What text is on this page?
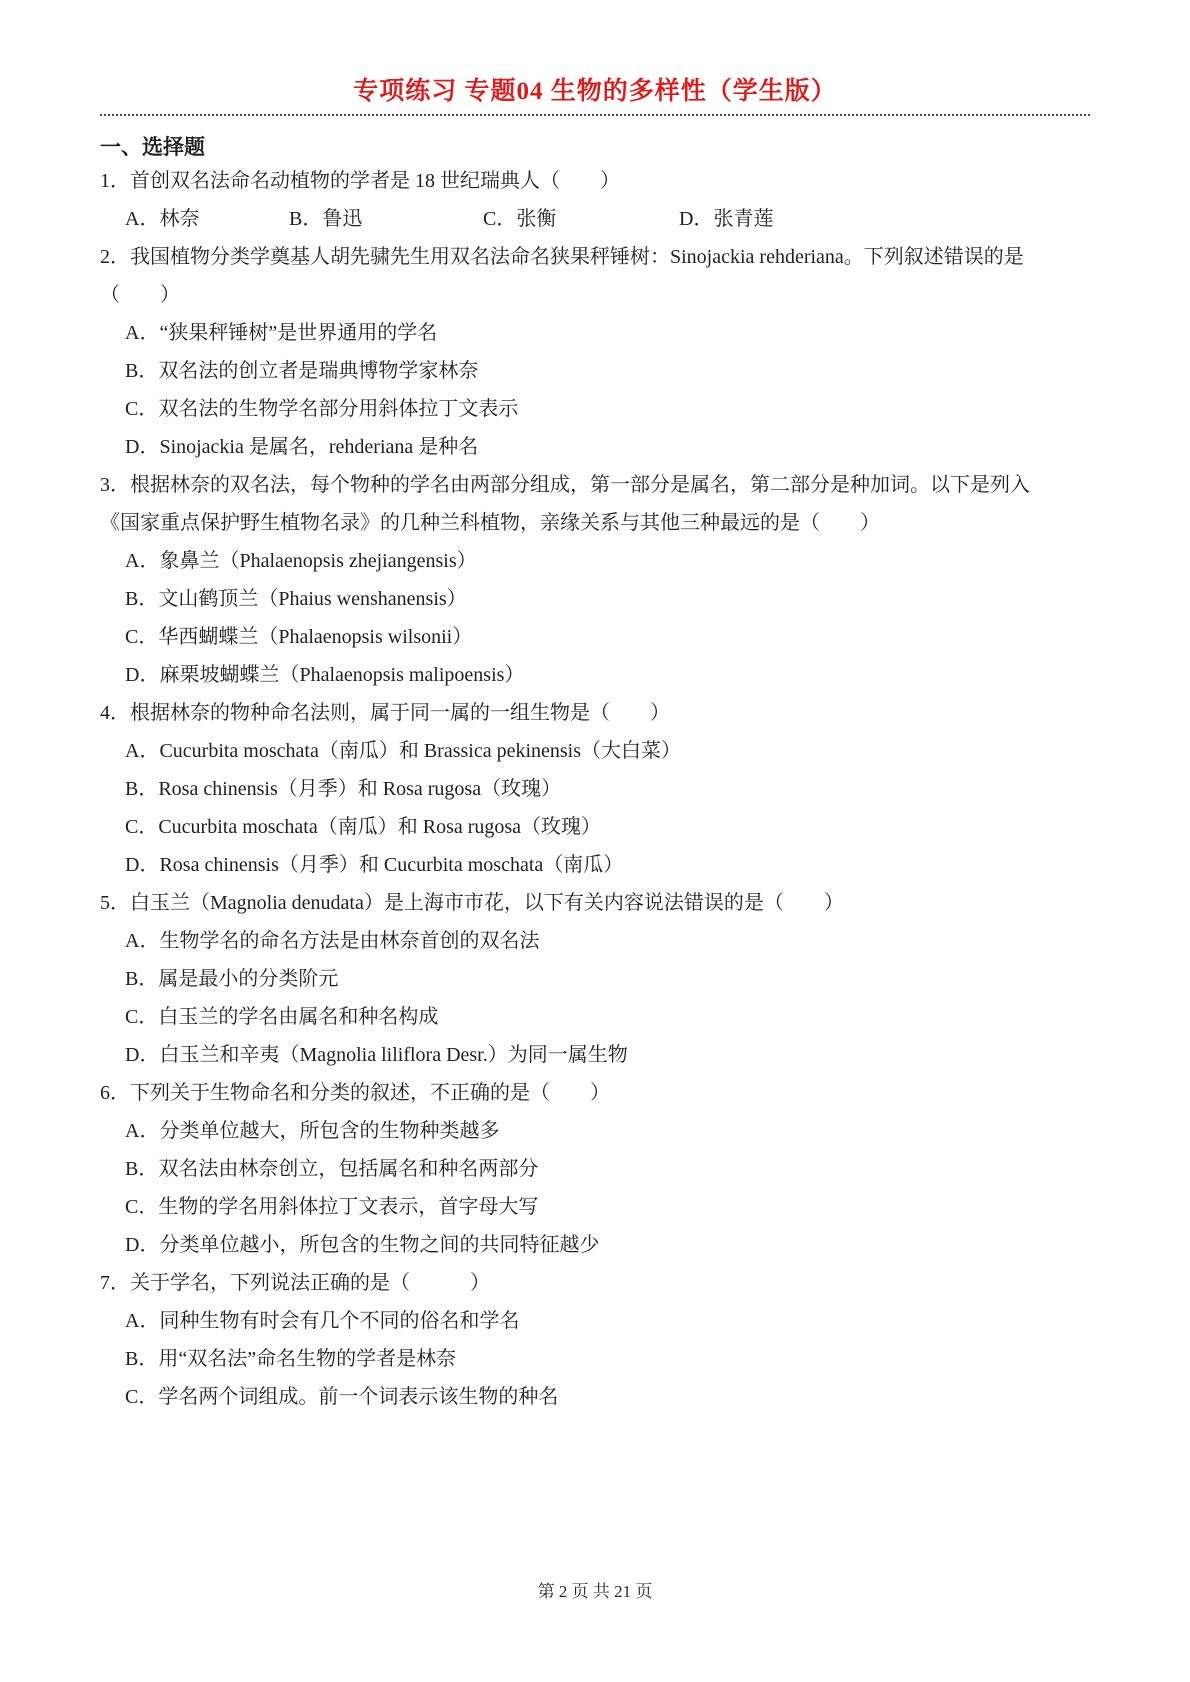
专项练习 专题04 生物的多样性（学生版）
一、选择题
1．首创双名法命名动植物的学者是 18 世纪瑞典人（　　）
A．林奈	B．鲁迅	C．张衡	D．张青莲
2．我国植物分类学奠基人胡先骕先生用双名法命名狭果秤锤树：Sinojackia rehderiana。下列叙述错误的是
（　　）
A．“狭果秤锤树”是世界通用的学名
B．双名法的创立者是瑞典博物学家林奈
C．双名法的生物学名部分用斜体拉丁文表示
D．Sinojackia 是属名，rehderiana 是种名
3．根据林奈的双名法，每个物种的学名由两部分组成，第一部分是属名，第二部分是种加词。以下是列入
《国家重点保护野生植物名录》的几种兰科植物，亲缘关系与其他三种最远的是（　　）
A．象鼻兰（Phalaenopsis zhejiangensis）
B．文山鹤顶兰（Phaius wenshanensis）
C．华西蝴蝶兰（Phalaenopsis wilsonii）
D．麻栗坡蝴蝶兰（Phalaenopsis malipoensis）
4．根据林奈的物种命名法则，属于同一属的一组生物是（　　）
A．Cucurbita moschata（南瓜）和 Brassica pekinensis（大白菜）
B．Rosa chinensis（月季）和 Rosa rugosa（玫瑰）
C．Cucurbita moschata（南瓜）和 Rosa rugosa（玫瑰）
D．Rosa chinensis（月季）和 Cucurbita moschata（南瓜）
5．白玉兰（Magnolia denudata）是上海市市花，以下有关内容说法错误的是（　　）
A．生物学名的命名方法是由林奈首创的双名法
B．属是最小的分类阶元
C．白玉兰的学名由属名和种名构成
D．白玉兰和辛夷（Magnolia liliflora Desr.）为同一属生物
6．下列关于生物命名和分类的叙述，不正确的是（　　）
A．分类单位越大，所包含的生物种类越多
B．双名法由林奈创立，包括属名和种名两部分
C．生物的学名用斜体拉丁文表示，首字母大写
D．分类单位越小，所包含的生物之间的共同特征越少
7．关于学名，下列说法正确的是（　　　）
A．同种生物有时会有几个不同的俗名和学名
B．用“双名法”命名生物的学者是林奈
C．学名两个词组成。前一个词表示该生物的种名
第 2 页 共 21 页
